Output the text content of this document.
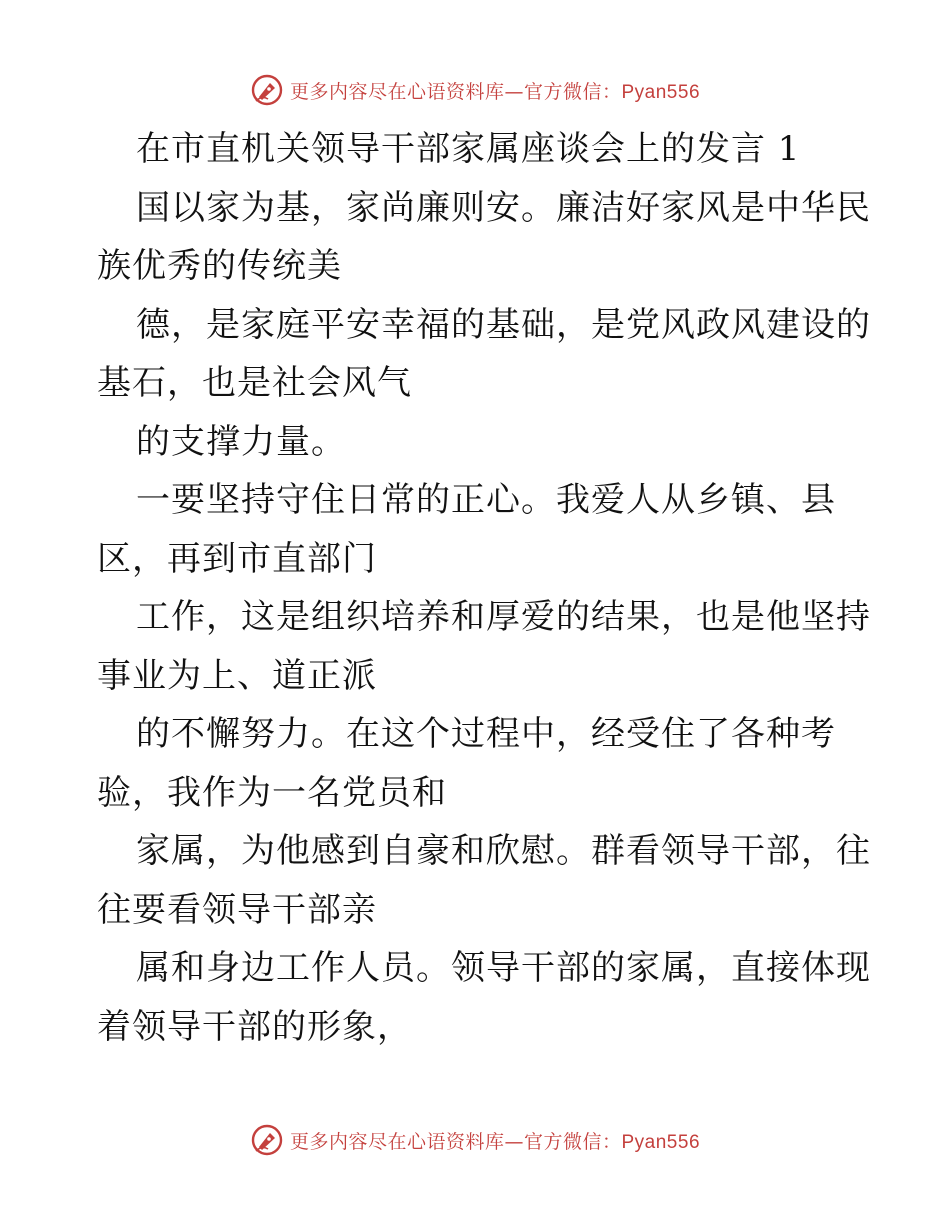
更多内容尽在心语资料库—官方微信：Pyan556
在市直机关领导干部家属座谈会上的发言 1
国以家为基，家尚廉则安。廉洁好家风是中华民
族优秀的传统美
德，是家庭平安幸福的基础，是党风政风建设的
基石，也是社会风气
的支撑力量。
一要坚持守住日常的正心。我爱人从乡镇、县
区，再到市直部门
工作，这是组织培养和厚爱的结果，也是他坚持
事业为上、道正派
的不懈努力。在这个过程中，经受住了各种考
验，我作为一名党员和
家属，为他感到自豪和欣慰。群看领导干部，往
往要看领导干部亲
属和身边工作人员。领导干部的家属，直接体现
着领导干部的形象，
更多内容尽在心语资料库—官方微信：Pyan556
